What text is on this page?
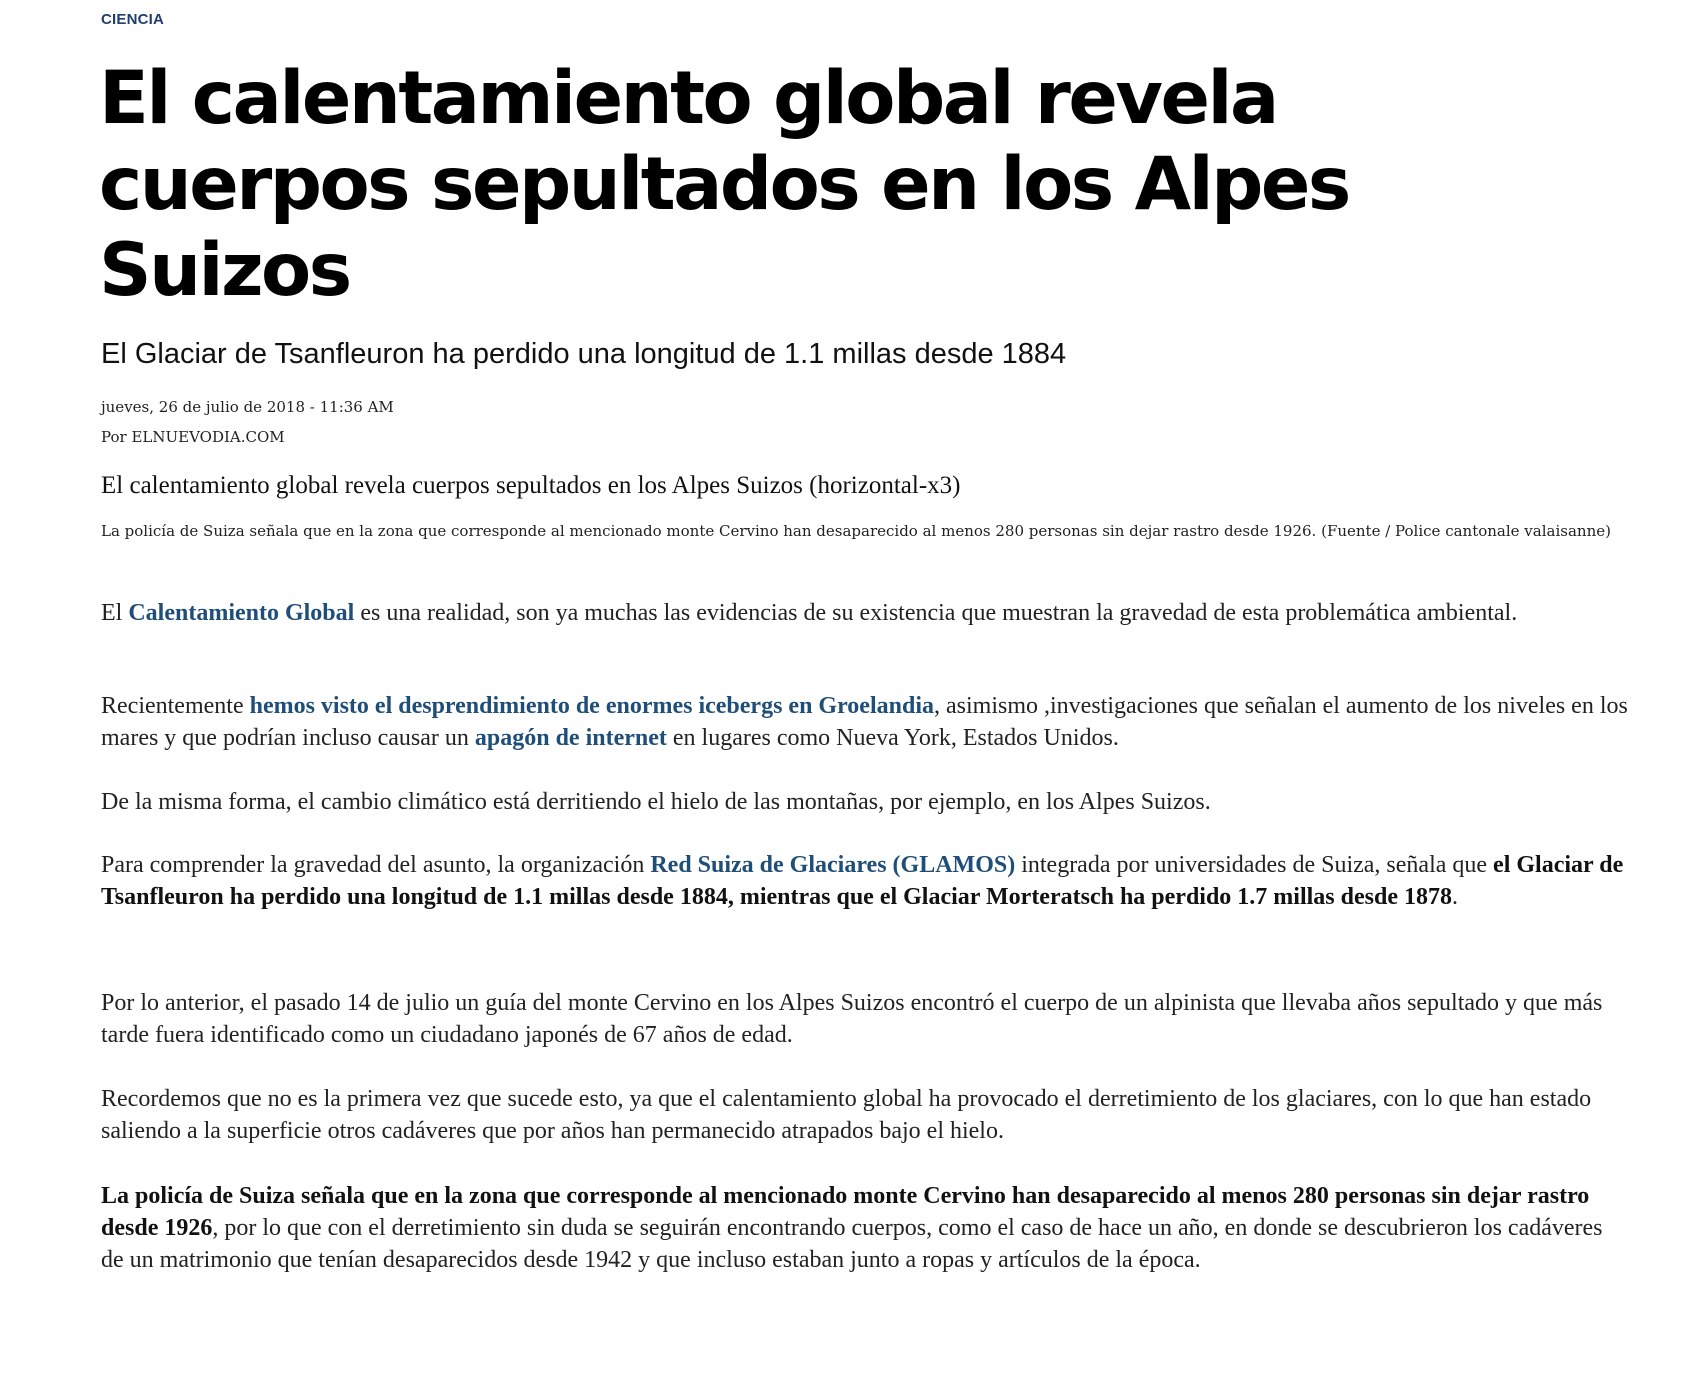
CIENCIA
El calentamiento global revela cuerpos sepultados en los Alpes Suizos
El Glaciar de Tsanfleuron ha perdido una longitud de 1.1 millas desde 1884
jueves, 26 de julio de 2018 - 11:36 AM
Por ELNUEVODIA.COM
El calentamiento global revela cuerpos sepultados en los Alpes Suizos (horizontal-x3)
La policía de Suiza señala que en la zona que corresponde al mencionado monte Cervino han desaparecido al menos 280 personas sin dejar rastro desde 1926. (Fuente / Police cantonale valaisanne)

El Calentamiento Global es una realidad, son ya muchas las evidencias de su existencia que muestran la gravedad de esta problemática ambiental.

Recientemente hemos visto el desprendimiento de enormes icebergs en Groelandia, asimismo ,investigaciones que señalan el aumento de los niveles en los mares y que podrían incluso causar un apagón de internet en lugares como Nueva York, Estados Unidos.

De la misma forma, el cambio climático está derritiendo el hielo de las montañas, por ejemplo, en los Alpes Suizos.

Para comprender la gravedad del asunto, la organización Red Suiza de Glaciares (GLAMOS) integrada por universidades de Suiza, señala que el Glaciar de Tsanfleuron ha perdido una longitud de 1.1 millas desde 1884, mientras que el Glaciar Morteratsch ha perdido 1.7 millas desde 1878.

Por lo anterior, el pasado 14 de julio un guía del monte Cervino en los Alpes Suizos encontró el cuerpo de un alpinista que llevaba años sepultado y que más tarde fuera identificado como un ciudadano japonés de 67 años de edad.

Recordemos que no es la primera vez que sucede esto, ya que el calentamiento global ha provocado el derretimiento de los glaciares, con lo que han estado saliendo a la superficie otros cadáveres que por años han permanecido atrapados bajo el hielo.

La policía de Suiza señala que en la zona que corresponde al mencionado monte Cervino han desaparecido al menos 280 personas sin dejar rastro desde 1926, por lo que con el derretimiento sin duda se seguirán encontrando cuerpos, como el caso de hace un año, en donde se descubrieron los cadáveres de un matrimonio que tenían desaparecidos desde 1942 y que incluso estaban junto a ropas y artículos de la época.
